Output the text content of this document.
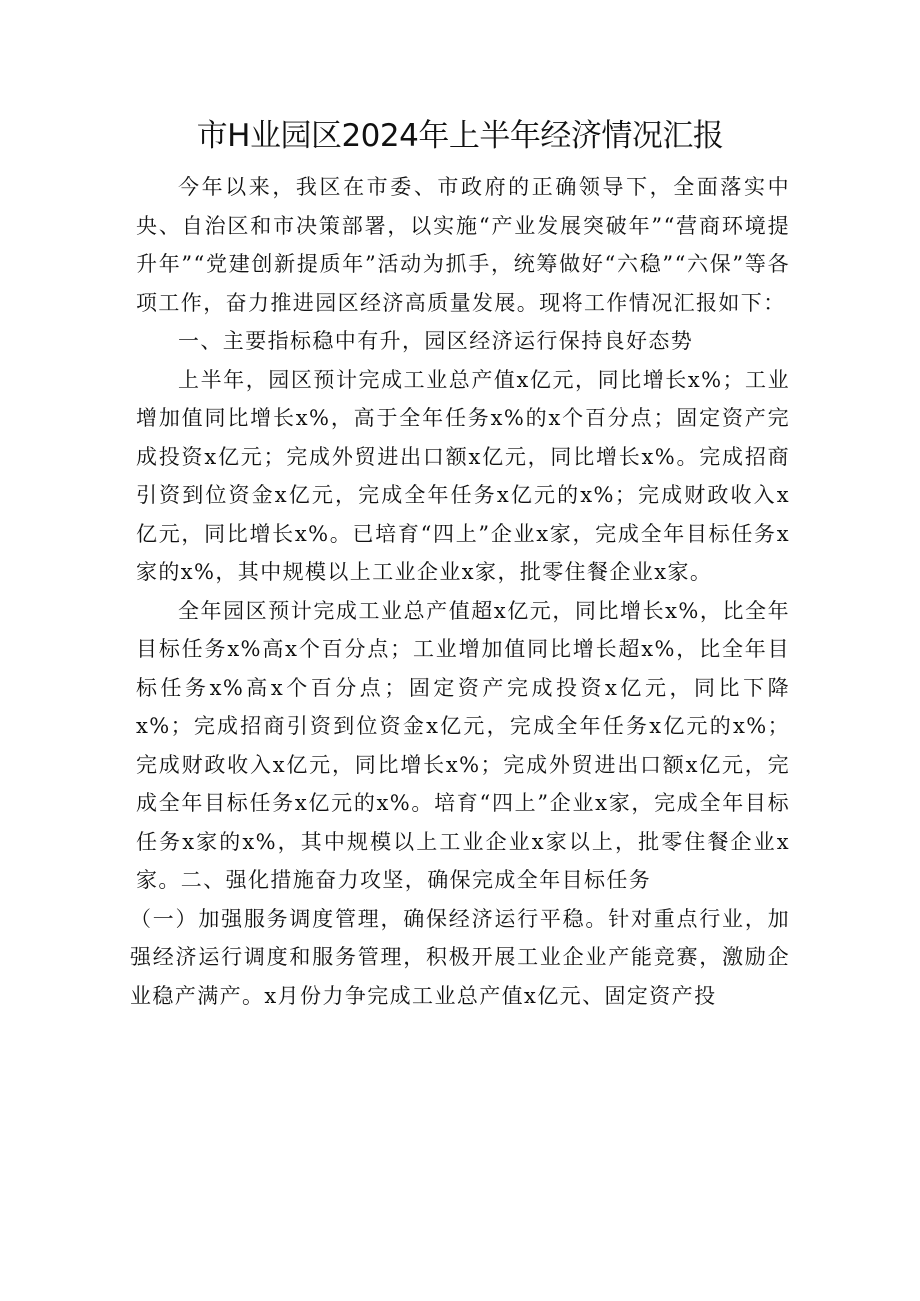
市H业园区2024年上半年经济情况汇报

今年以来，我区在市委、市政府的正确领导下，全面落实中央、自治区和市决策部署，以实施“产业发展突破年”“营商环境提升年”“党建创新提质年”活动为抓手，统筹做好“六稳”“六保”等各项工作，奋力推进园区经济高质量发展。现将工作情况汇报如下：

一、主要指标稳中有升，园区经济运行保持良好态势

上半年，园区预计完成工业总产值x亿元，同比增长x%；工业增加值同比增长x%，高于全年任务x%的x个百分点；固定资产完成投资x亿元；完成外贸进出口额x亿元，同比增长x%。完成招商引资到位资金x亿元，完成全年任务x亿元的x%；完成财政收入x亿元，同比增长x%。已培育“四上”企业x家，完成全年目标任务x家的x%，其中规模以上工业企业x家，批零住餐企业x家。

全年园区预计完成工业总产值超x亿元，同比增长x%，比全年目标任务x%高x个百分点；工业增加值同比增长超x%，比全年目标任务x%高x个百分点；固定资产完成投资x亿元，同比下降x%；完成招商引资到位资金x亿元，完成全年任务x亿元的x%；完成财政收入x亿元，同比增长x%；完成外贸进出口额x亿元，完成全年目标任务x亿元的x%。培育“四上”企业x家，完成全年目标任务x家的x%，其中规模以上工业企业x家以上，批零住餐企业x家。二、强化措施奋力攻坚，确保完成全年目标任务

（一）加强服务调度管理，确保经济运行平稳。针对重点行业，加强经济运行调度和服务管理，积极开展工业企业产能竞赛，激励企业稳产满产。x月份力争完成工业总产值x亿元、固定资产投
